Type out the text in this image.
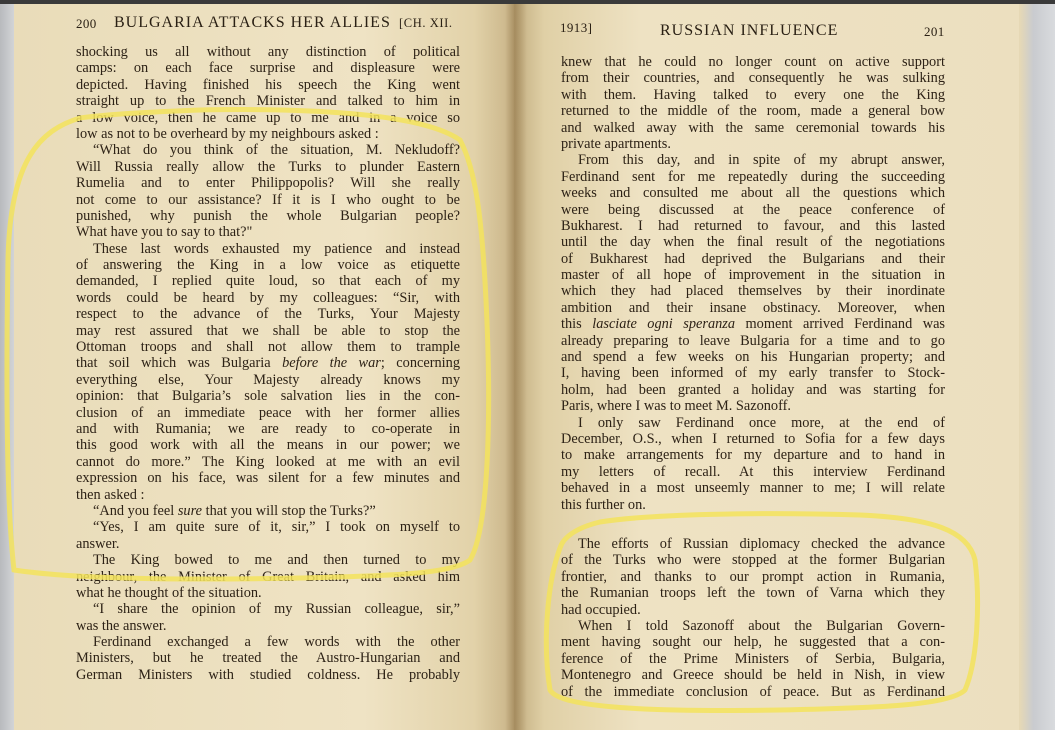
200 BULGARIA ATTACKS HER ALLIES [CH. XII.
shocking us all without any distinction of political
camps: on each face surprise and displeasure were
depicted. Having finished his speech the King went
straight up to the French Minister and talked to him in
a low voice, then he came up to me and in a voice so
low as not to be overheard by my neighbours asked :
“What do you think of the situation, M. Nekludoff?
Will Russia really allow the Turks to plunder Eastern
Rumelia and to enter Philippopolis? Will she really
not come to our assistance? If it is I who ought to be
punished, why punish the whole Bulgarian people?
What have you to say to that?"
These last words exhausted my patience and instead
of answering the King in a low voice as etiquette
demanded, I replied quite loud, so that each of my
words could be heard by my colleagues: “Sir, with
respect to the advance of the Turks, Your Majesty
may rest assured that we shall be able to stop the
Ottoman troops and shall not allow them to trample
that soil which was Bulgaria before the war; concerning
everything else, Your Majesty already knows my
opinion: that Bulgaria’s sole salvation lies in the con-
clusion of an immediate peace with her former allies
and with Rumania; we are ready to co-operate in
this good work with all the means in our power; we
cannot do more.” The King looked at me with an evil
expression on his face, was silent for a few minutes and
then asked :
“And you feel sure that you will stop the Turks?”
“Yes, I am quite sure of it, sir,” I took on myself to
answer.
The King bowed to me and then turned to my
neighbour, the Minister of Great Britain, and asked him
what he thought of the situation.
“I share the opinion of my Russian colleague, sir,”
was the answer.
Ferdinand exchanged a few words with the other
Ministers, but he treated the Austro-Hungarian and
German Ministers with studied coldness. He probably
1913]	RUSSIAN INFLUENCE	201
knew that he could no longer count on active support
from their countries, and consequently he was sulking
with them. Having talked to every one the King
returned to the middle of the room, made a general bow
and walked away with the same ceremonial towards his
private apartments.
From this day, and in spite of my abrupt answer,
Ferdinand sent for me repeatedly during the succeeding
weeks and consulted me about all the questions which
were being discussed at the peace conference of
Bukharest. I had returned to favour, and this lasted
until the day when the final result of the negotiations
of Bukharest had deprived the Bulgarians and their
master of all hope of improvement in the situation in
which they had placed themselves by their inordinate
ambition and their insane obstinacy. Moreover, when
this lasciate ogni speranza moment arrived Ferdinand was
already preparing to leave Bulgaria for a time and to go
and spend a few weeks on his Hungarian property; and
I, having been informed of my early transfer to Stock-
holm, had been granted a holiday and was starting for
Paris, where I was to meet M. Sazonoff.
I only saw Ferdinand once more, at the end of
December, O.S., when I returned to Sofia for a few days
to make arrangements for my departure and to hand in
my letters of recall. At this interview Ferdinand
behaved in a most unseemly manner to me; I will relate
this further on.
The efforts of Russian diplomacy checked the advance
of the Turks who were stopped at the former Bulgarian
frontier, and thanks to our prompt action in Rumania,
the Rumanian troops left the town of Varna which they
had occupied.
When I told Sazonoff about the Bulgarian Govern-
ment having sought our help, he suggested that a con-
ference of the Prime Ministers of Serbia, Bulgaria,
Montenegro and Greece should be held in Nish, in view
of the immediate conclusion of peace. But as Ferdinand
